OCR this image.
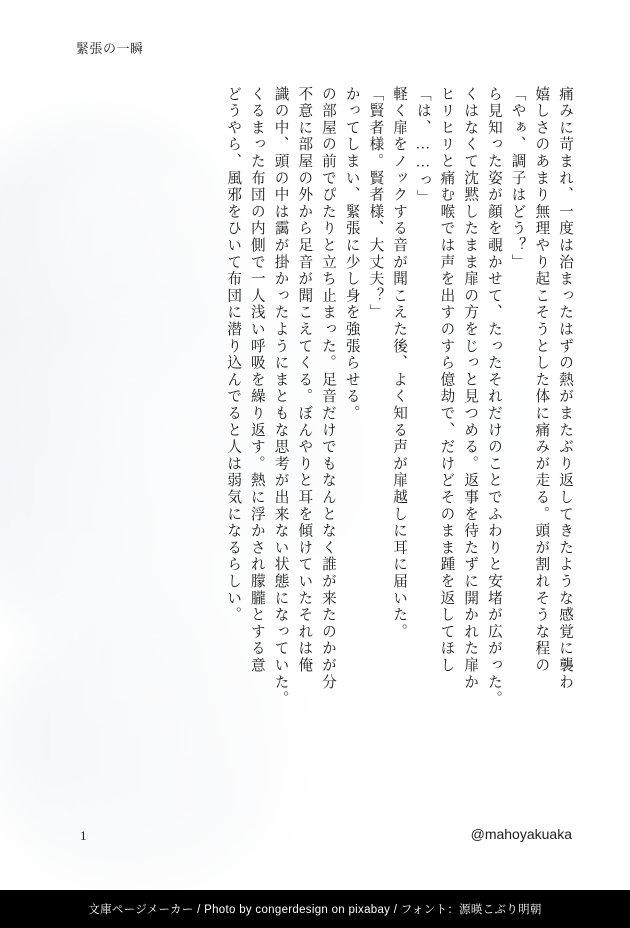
緊張の一瞬
どうやら、風邪をひいて布団に潜り込んでると人は弱気になるらしい。 くるまった布団の内側で一人浅い呼吸を繰り返す。熱に浮かされ朦朧とする意 識の中、頭の中は靄が掛かったようにまともな思考が出来ない状態になっていた。 不意に部屋の外から足音が聞こえてくる。ぼんやりと耳を傾けていたそれは俺 の部屋の前でぴたりと立ち止まった。足音だけでもなんとなく誰が来たのかが分 かってしまい、緊張に少し身を強張らせる。 「賢者様。賢者様、大丈夫？」 軽く扉をノックする音が聞こえた後、よく知る声が扉越しに耳に届いた。 「は、……っ」 ヒリヒリと痛む喉では声を出すのすら億劫で、だけどそのまま踵を返してほし くはなくて沈黙したまま扉の方をじっと見つめる。返事を待たずに開かれた扉か ら見知った姿が顔を覗かせて、たったそれだけのことでふわりと安堵が広がった。 「やぁ、調子はどう？」 嬉しさのあまり無理やり起こそうとした体に痛みが走る。頭が割れそうな程の 痛みに苛まれ、一度は治まったはずの熱がまたぶり返してきたような感覚に襲わ
1	@mahoyakuaka
文庫ページメーカー / Photo by congerdesign on pixabay / フォント：源暎こぶり明朝
